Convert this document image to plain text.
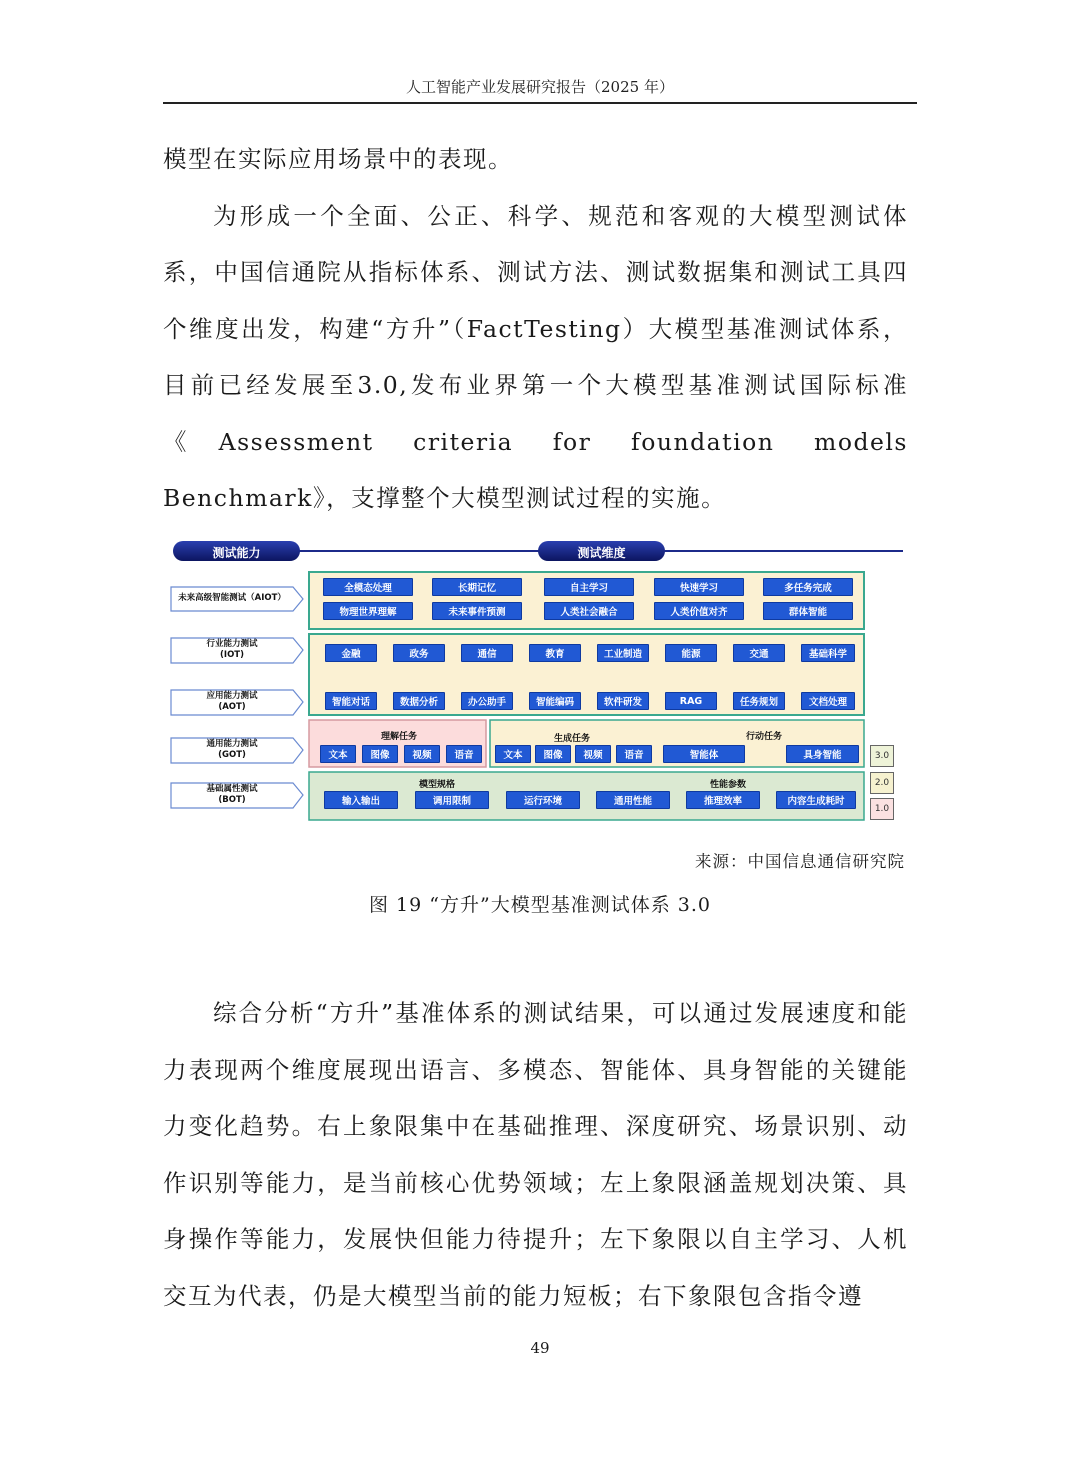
人工智能产业发展研究报告（2025 年）

模型在实际应用场景中的表现。

为形成一个全面、公正、科学、规范和客观的大模型测试体系，中国信通院从指标体系、测试方法、测试数据集和测试工具四个维度出发，构建“方升”（FactTesting）大模型基准测试体系，目前已经发展至3.0,发布业界第一个大模型基准测试国际标准《Assessment criteria for foundation models Benchmark》，支撑整个大模型测试过程的实施。

测试能力	测试维度
未来高级智能测试（AIOT）
行业能力测试
(IOT)
应用能力测试
(AOT)
通用能力测试
(GOT)
基础属性测试
(BOT)
全模态处理	长期记忆	自主学习	快速学习	多任务完成
物理世界理解	未来事件预测	人类社会融合	人类价值对齐	群体智能
金融	政务	通信	教育	工业制造	能源	交通	基础科学
智能对话	数据分析	办公助手	智能编码	软件研发	RAG	任务规划	文档处理
理解任务
文本	图像	视频	语音
生成任务
文本	图像	视频	语音
行动任务
智能体	具身智能
模型规格	性能参数
输入输出	调用限制	运行环境	通用性能	推理效率	内容生成耗时
3.0
2.0
1.0
来源：中国信息通信研究院
图 19 “方升”大模型基准测试体系 3.0

综合分析“方升”基准体系的测试结果，可以通过发展速度和能力表现两个维度展现出语言、多模态、智能体、具身智能的关键能力变化趋势。右上象限集中在基础推理、深度研究、场景识别、动作识别等能力，是当前核心优势领域；左上象限涵盖规划决策、具身操作等能力，发展快但能力待提升；左下象限以自主学习、人机交互为代表，仍是大模型当前的能力短板；右下象限包含指令遵

49
